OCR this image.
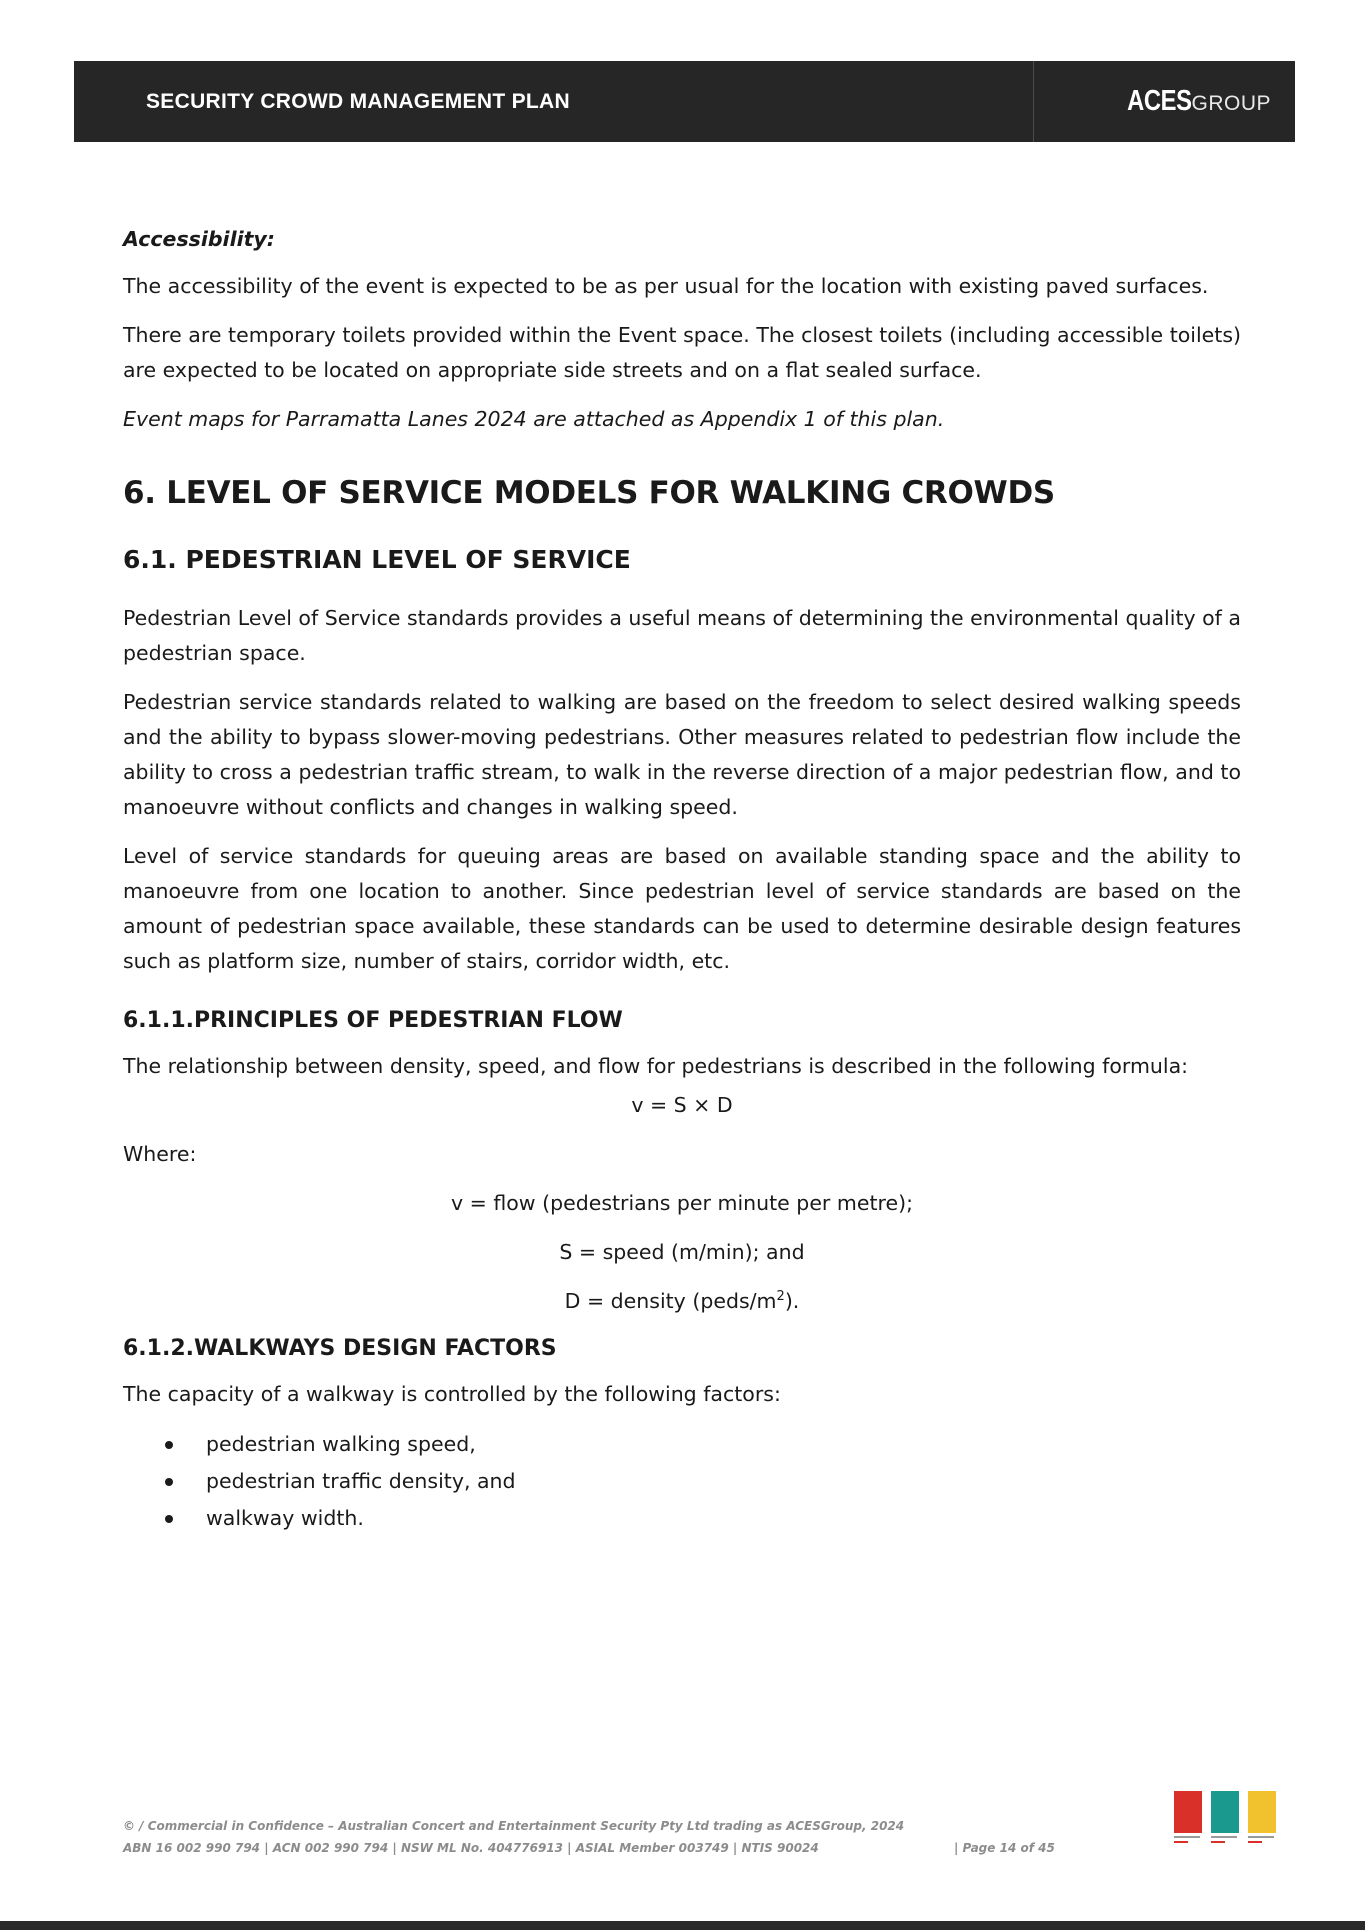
SECURITY CROWD MANAGEMENT PLAN	ACESGROUP

Accessibility:

The accessibility of the event is expected to be as per usual for the location with existing paved surfaces.

There are temporary toilets provided within the Event space. The closest toilets (including accessible toilets) are expected to be located on appropriate side streets and on a flat sealed surface.

Event maps for Parramatta Lanes 2024 are attached as Appendix 1 of this plan.

6. LEVEL OF SERVICE MODELS FOR WALKING CROWDS
6.1. PEDESTRIAN LEVEL OF SERVICE

Pedestrian Level of Service standards provides a useful means of determining the environmental quality of a pedestrian space.

Pedestrian service standards related to walking are based on the freedom to select desired walking speeds and the ability to bypass slower-moving pedestrians. Other measures related to pedestrian flow include the ability to cross a pedestrian traffic stream, to walk in the reverse direction of a major pedestrian flow, and to manoeuvre without conflicts and changes in walking speed.

Level of service standards for queuing areas are based on available standing space and the ability to manoeuvre from one location to another. Since pedestrian level of service standards are based on the amount of pedestrian space available, these standards can be used to determine desirable design features such as platform size, number of stairs, corridor width, etc.

6.1.1.PRINCIPLES OF PEDESTRIAN FLOW

The relationship between density, speed, and flow for pedestrians is described in the following formula:

v = S × D

Where:

v = flow (pedestrians per minute per metre);

S = speed (m/min); and

D = density $(peds/m^2)$.

6.1.2.WALKWAYS DESIGN FACTORS

The capacity of a walkway is controlled by the following factors:

pedestrian walking speed,
pedestrian traffic density, and
walkway width.
© / Commercial in Confidence – Australian Concert and Entertainment Security Pty Ltd trading as ACESGroup, 2024
ABN 16 002 990 794 | ACN 002 990 794 | NSW ML No. 404776913 | ASIAL Member 003749 | NTIS 90024	| Page 14 of 45
